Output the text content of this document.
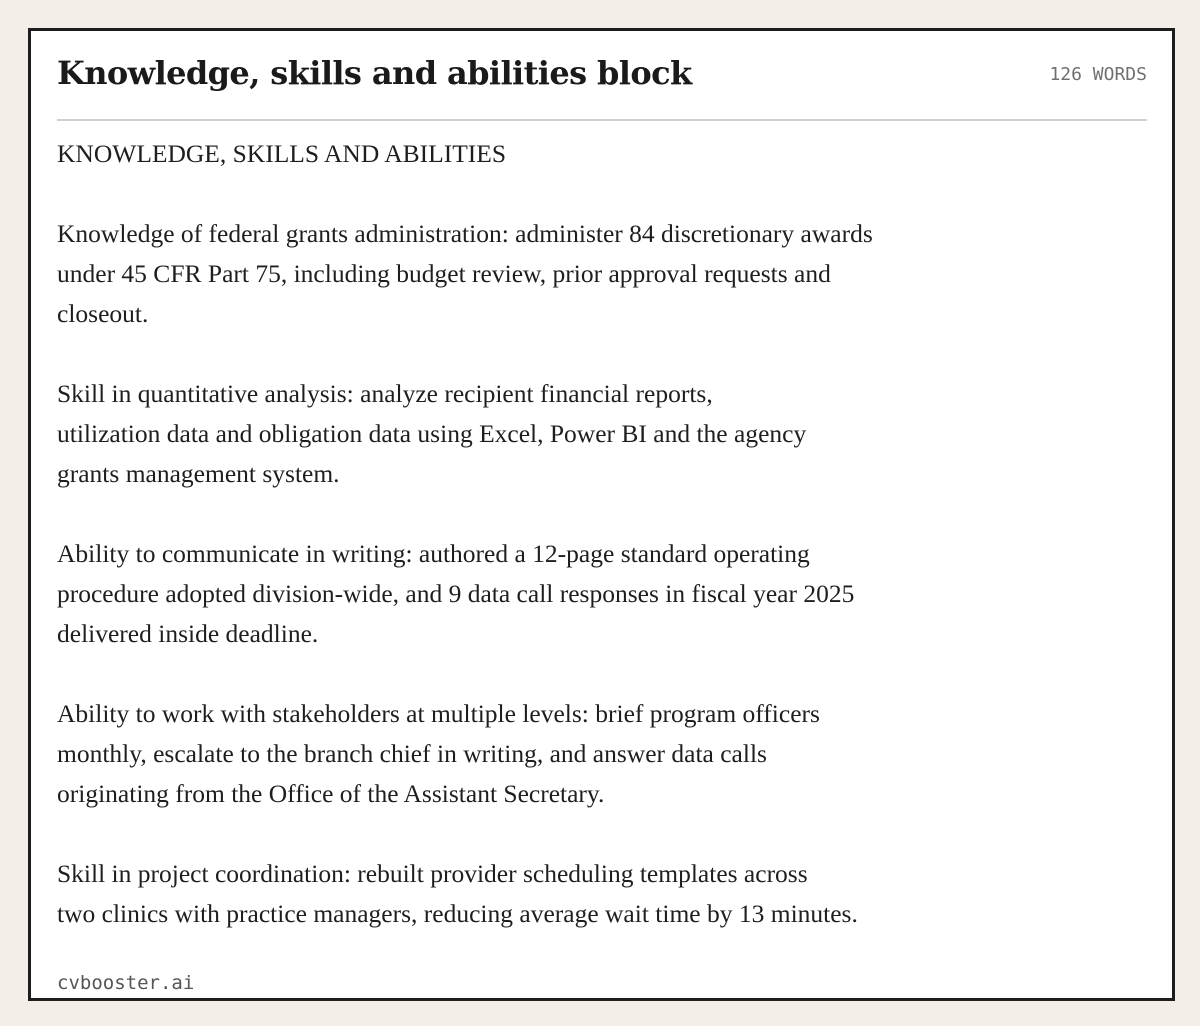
Knowledge, skills and abilities block	126 WORDS

KNOWLEDGE, SKILLS AND ABILITIES

Knowledge of federal grants administration: administer 84 discretionary awards
under 45 CFR Part 75, including budget review, prior approval requests and
closeout.

Skill in quantitative analysis: analyze recipient financial reports,
utilization data and obligation data using Excel, Power BI and the agency
grants management system.

Ability to communicate in writing: authored a 12-page standard operating
procedure adopted division-wide, and 9 data call responses in fiscal year 2025
delivered inside deadline.

Ability to work with stakeholders at multiple levels: brief program officers
monthly, escalate to the branch chief in writing, and answer data calls
originating from the Office of the Assistant Secretary.

Skill in project coordination: rebuilt provider scheduling templates across
two clinics with practice managers, reducing average wait time by 13 minutes.

cvbooster.ai
